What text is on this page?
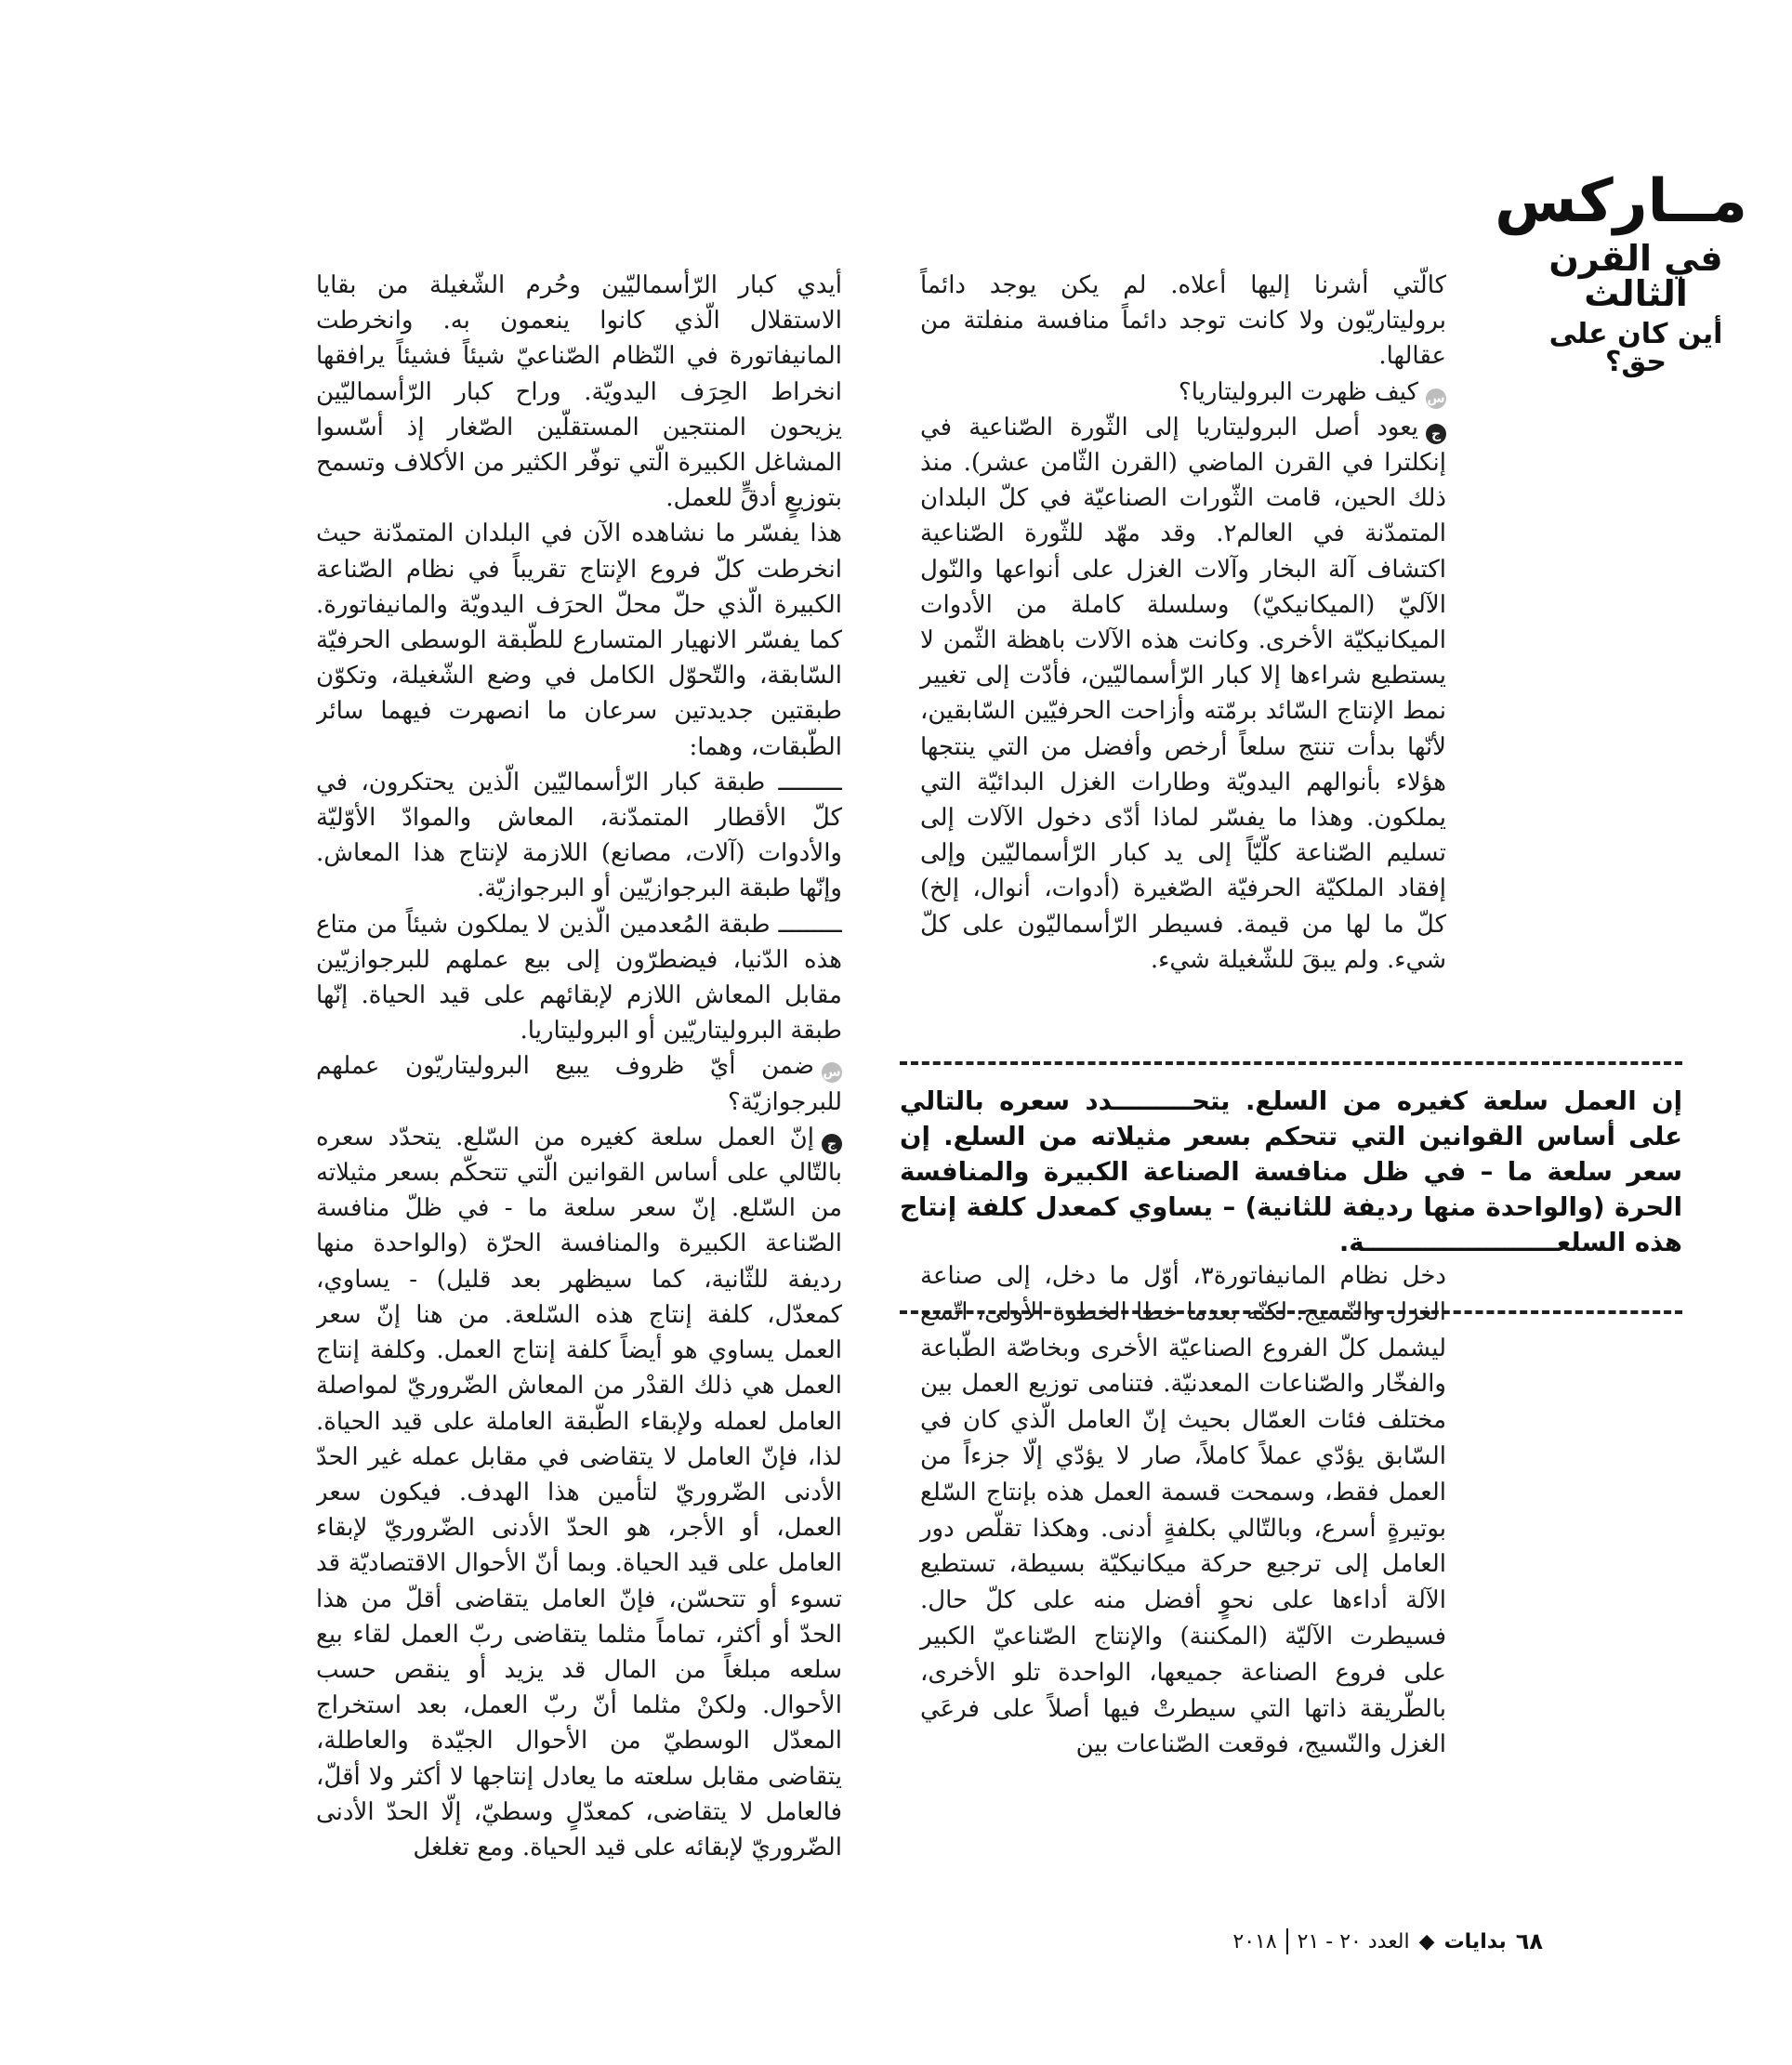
مــاركس
في القرن الثالث
أين كان على حق؟

كالّتي أشرنا إليها أعلاه. لم يكن يوجد دائماً بروليتاريّون ولا كانت توجد دائماً منافسة منفلتة من عقالها.

س كيف ظهرت البروليتاريا؟

ج يعود أصل البروليتاريا إلى الثّورة الصّناعية في إنكلترا في القرن الماضي (القرن الثّامن عشر). منذ ذلك الحين، قامت الثّورات الصناعيّة في كلّ البلدان المتمدّنة في العالم٢. وقد مهّد للثّورة الصّناعية اكتشاف آلة البخار وآلات الغزل على أنواعها والنّول الآليّ (الميكانيكيّ) وسلسلة كاملة من الأدوات الميكانيكيّة الأخرى. وكانت هذه الآلات باهظة الثّمن لا يستطيع شراءها إلا كبار الرّأسماليّين، فأدّت إلى تغيير نمط الإنتاج السّائد برمّته وأزاحت الحرفيّين السّابقين، لأنّها بدأت تنتج سلعاً أرخص وأفضل من التي ينتجها هؤلاء بأنوالهم اليدويّة وطارات الغزل البدائيّة التي يملكون. وهذا ما يفسّر لماذا أدّى دخول الآلات إلى تسليم الصّناعة كلّيّاً إلى يد كبار الرّأسماليّين وإلى إفقاد الملكيّة الحرفيّة الصّغيرة (أدوات، أنوال، إلخ) كلّ ما لها من قيمة. فسيطر الرّأسماليّون على كلّ شيء. ولم يبقَ للشّغيلة شيء.

إن العمل سلعة كغيره من السلع. يتحـــــــــدد سعره بالتالي على أساس القوانين التي تتحكم بسعر مثيلاته من السلع. إن سعر سلعة ما – في ظل منافسة الصناعة الكبيرة والمنافسة الحرة (والواحدة منها رديفة للثانية) – يساوي كمعدل كلفة إنتاج هذه السلعــــــــــــــــــــــة.

دخل نظام المانيفاتورة٣، أوّل ما دخل، إلى صناعة الغزل والنّسيج. لكنّه بعدما خطا الخطوة الأولى، اتّسع ليشمل كلّ الفروع الصناعيّة الأخرى وبخاصّة الطّباعة والفخّار والصّناعات المعدنيّة. فتنامى توزيع العمل بين مختلف فئات العمّال بحيث إنّ العامل الّذي كان في السّابق يؤدّي عملاً كاملاً، صار لا يؤدّي إلّا جزءاً من العمل فقط، وسمحت قسمة العمل هذه بإنتاج السّلع بوتيرةٍ أسرع، وبالتّالي بكلفةٍ أدنى. وهكذا تقلّص دور العامل إلى ترجيع حركة ميكانيكيّة بسيطة، تستطيع الآلة أداءها على نحوٍ أفضل منه على كلّ حال. فسيطرت الآليّة (المكننة) والإنتاج الصّناعيّ الكبير على فروع الصناعة جميعها، الواحدة تلو الأخرى، بالطّريقة ذاتها التي سيطرتْ فيها أصلاً على فرعَي الغزل والنّسيج، فوقعت الصّناعات بين

أيدي كبار الرّأسماليّين وحُرم الشّغيلة من بقايا الاستقلال الّذي كانوا ينعمون به. وانخرطت المانيفاتورة في النّظام الصّناعيّ شيئاً فشيئاً يرافقها انخراط الحِرَف اليدويّة. وراح كبار الرّأسماليّين يزيحون المنتجين المستقلّين الصّغار إذ أسّسوا المشاغل الكبيرة الّتي توفّر الكثير من الأكلاف وتسمح بتوزيعٍ أدقٍّ للعمل.

هذا يفسّر ما نشاهده الآن في البلدان المتمدّنة حيث انخرطت كلّ فروع الإنتاج تقريباً في نظام الصّناعة الكبيرة الّذي حلّ محلّ الحرَف اليدويّة والمانيفاتورة. كما يفسّر الانهيار المتسارع للطّبقة الوسطى الحرفيّة السّابقة، والتّحوّل الكامل في وضع الشّغيلة، وتكوّن طبقتين جديدتين سرعان ما انصهرت فيهما سائر الطّبقات، وهما:

ـــــــــ طبقة كبار الرّأسماليّين الّذين يحتكرون، في كلّ الأقطار المتمدّنة، المعاش والموادّ الأوّليّة والأدوات (آلات، مصانع) اللازمة لإنتاج هذا المعاش. وإنّها طبقة البرجوازيّين أو البرجوازيّة.

ـــــــــ طبقة المُعدمين الّذين لا يملكون شيئاً من متاع هذه الدّنيا، فيضطرّون إلى بيع عملهم للبرجوازيّين مقابل المعاش اللازم لإبقائهم على قيد الحياة. إنّها طبقة البروليتاريّين أو البروليتاريا.

س ضمن أيّ ظروف يبيع البروليتاريّون عملهم للبرجوازيّة؟

ج إنّ العمل سلعة كغيره من السّلع. يتحدّد سعره بالتّالي على أساس القوانين الّتي تتحكّم بسعر مثيلاته من السّلع. إنّ سعر سلعة ما - في ظلّ منافسة الصّناعة الكبيرة والمنافسة الحرّة (والواحدة منها رديفة للثّانية، كما سيظهر بعد قليل) - يساوي، كمعدّل، كلفة إنتاج هذه السّلعة. من هنا إنّ سعر العمل يساوي هو أيضاً كلفة إنتاج العمل. وكلفة إنتاج العمل هي ذلك القدْر من المعاش الضّروريّ لمواصلة العامل لعمله ولإبقاء الطّبقة العاملة على قيد الحياة. لذا، فإنّ العامل لا يتقاضى في مقابل عمله غير الحدّ الأدنى الضّروريّ لتأمين هذا الهدف. فيكون سعر العمل، أو الأجر، هو الحدّ الأدنى الضّروريّ لإبقاء العامل على قيد الحياة. وبما أنّ الأحوال الاقتصاديّة قد تسوء أو تتحسّن، فإنّ العامل يتقاضى أقلّ من هذا الحدّ أو أكثر، تماماً مثلما يتقاضى ربّ العمل لقاء بيع سلعه مبلغاً من المال قد يزيد أو ينقص حسب الأحوال. ولكنْ مثلما أنّ ربّ العمل، بعد استخراج المعدّل الوسطيّ من الأحوال الجيّدة والعاطلة، يتقاضى مقابل سلعته ما يعادل إنتاجها لا أكثر ولا أقلّ، فالعامل لا يتقاضى، كمعدّلٍ وسطيّ، إلّا الحدّ الأدنى الضّروريّ لإبقائه على قيد الحياة. ومع تغلغل

٦٨
بدايات
◆
العدد ٢٠ - ٢١
٢٠١٨
